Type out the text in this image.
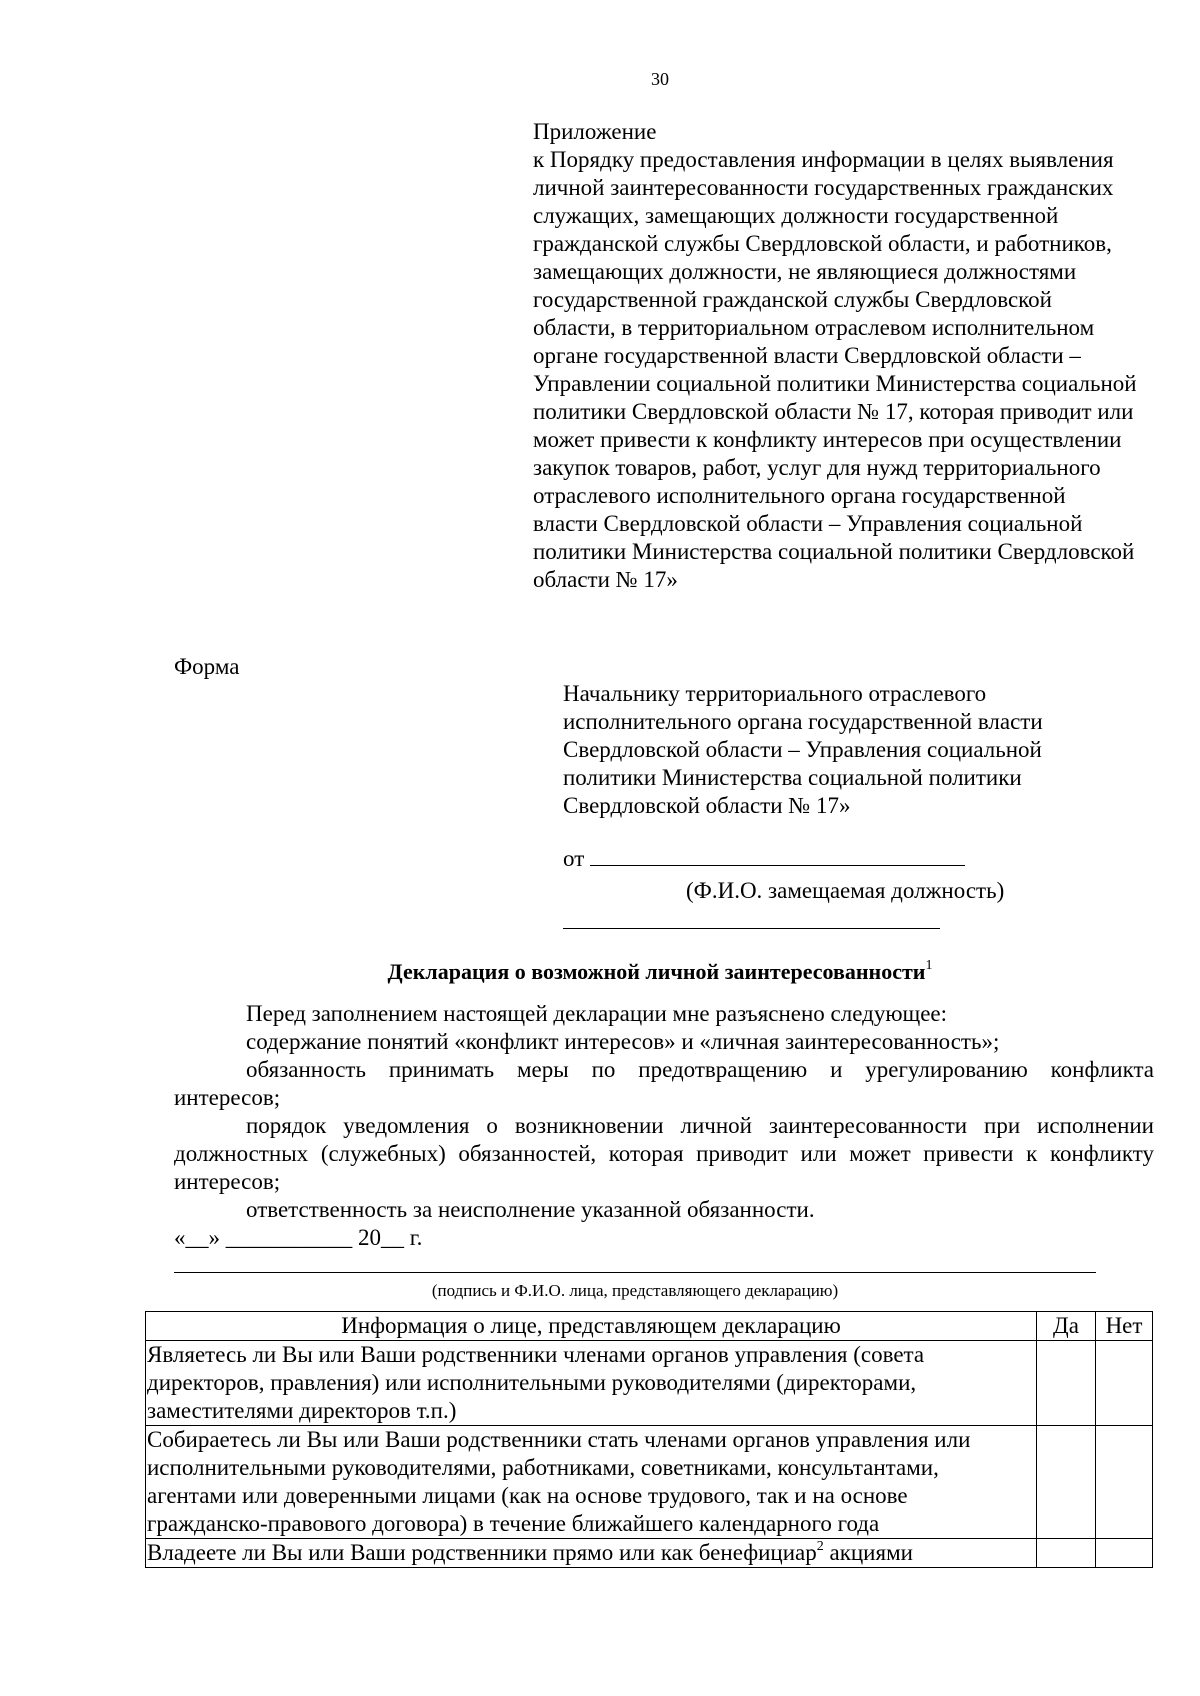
30
Приложение
к Порядку предоставления информации в целях выявления
личной заинтересованности государственных гражданских
служащих, замещающих должности государственной
гражданской службы Свердловской области, и работников,
замещающих должности, не являющиеся должностями
государственной гражданской службы Свердловской
области, в территориальном отраслевом исполнительном
органе государственной власти Свердловской области –
Управлении социальной политики Министерства социальной
политики Свердловской области № 17, которая приводит или
может привести к конфликту интересов при осуществлении
закупок товаров, работ, услуг для нужд территориального
отраслевого исполнительного органа государственной
власти Свердловской области – Управления социальной
политики Министерства социальной политики Свердловской
области № 17»
Форма
Начальнику территориального отраслевого
исполнительного органа государственной власти
Свердловской области – Управления социальной
политики Министерства социальной политики
Свердловской области № 17»
от
(Ф.И.О. замещаемая должность)
Декларация о возможной личной заинтересованности$^1$
Перед заполнением настоящей декларации мне разъяснено следующее:
содержание понятий «конфликт интересов» и «личная заинтересованность»;
обязанность принимать меры по предотвращению и урегулированию конфликта
интересов;
порядок уведомления о возникновении личной заинтересованности при исполнении
должностных (служебных) обязанностей, которая приводит или может привести к конфликту
интересов;
ответственность за неисполнение указанной обязанности.
«__» ___________ 20__ г.
(подпись и Ф.И.О. лица, представляющего декларацию)
Информация о лице, представляющем декларацию	Да	Нет

Являетесь ли Вы или Ваши родственники членами органов управления (совета
директоров, правления) или исполнительными руководителями (директорами,
заместителями директоров т.п.)		

Собираетесь ли Вы или Ваши родственники стать членами органов управления или
исполнительными руководителями, работниками, советниками, консультантами,
агентами или доверенными лицами (как на основе трудового, так и на основе
гражданско-правового договора) в течение ближайшего календарного года		

Владеете ли Вы или Ваши родственники прямо или как бенефициар$^2$ акциями		
